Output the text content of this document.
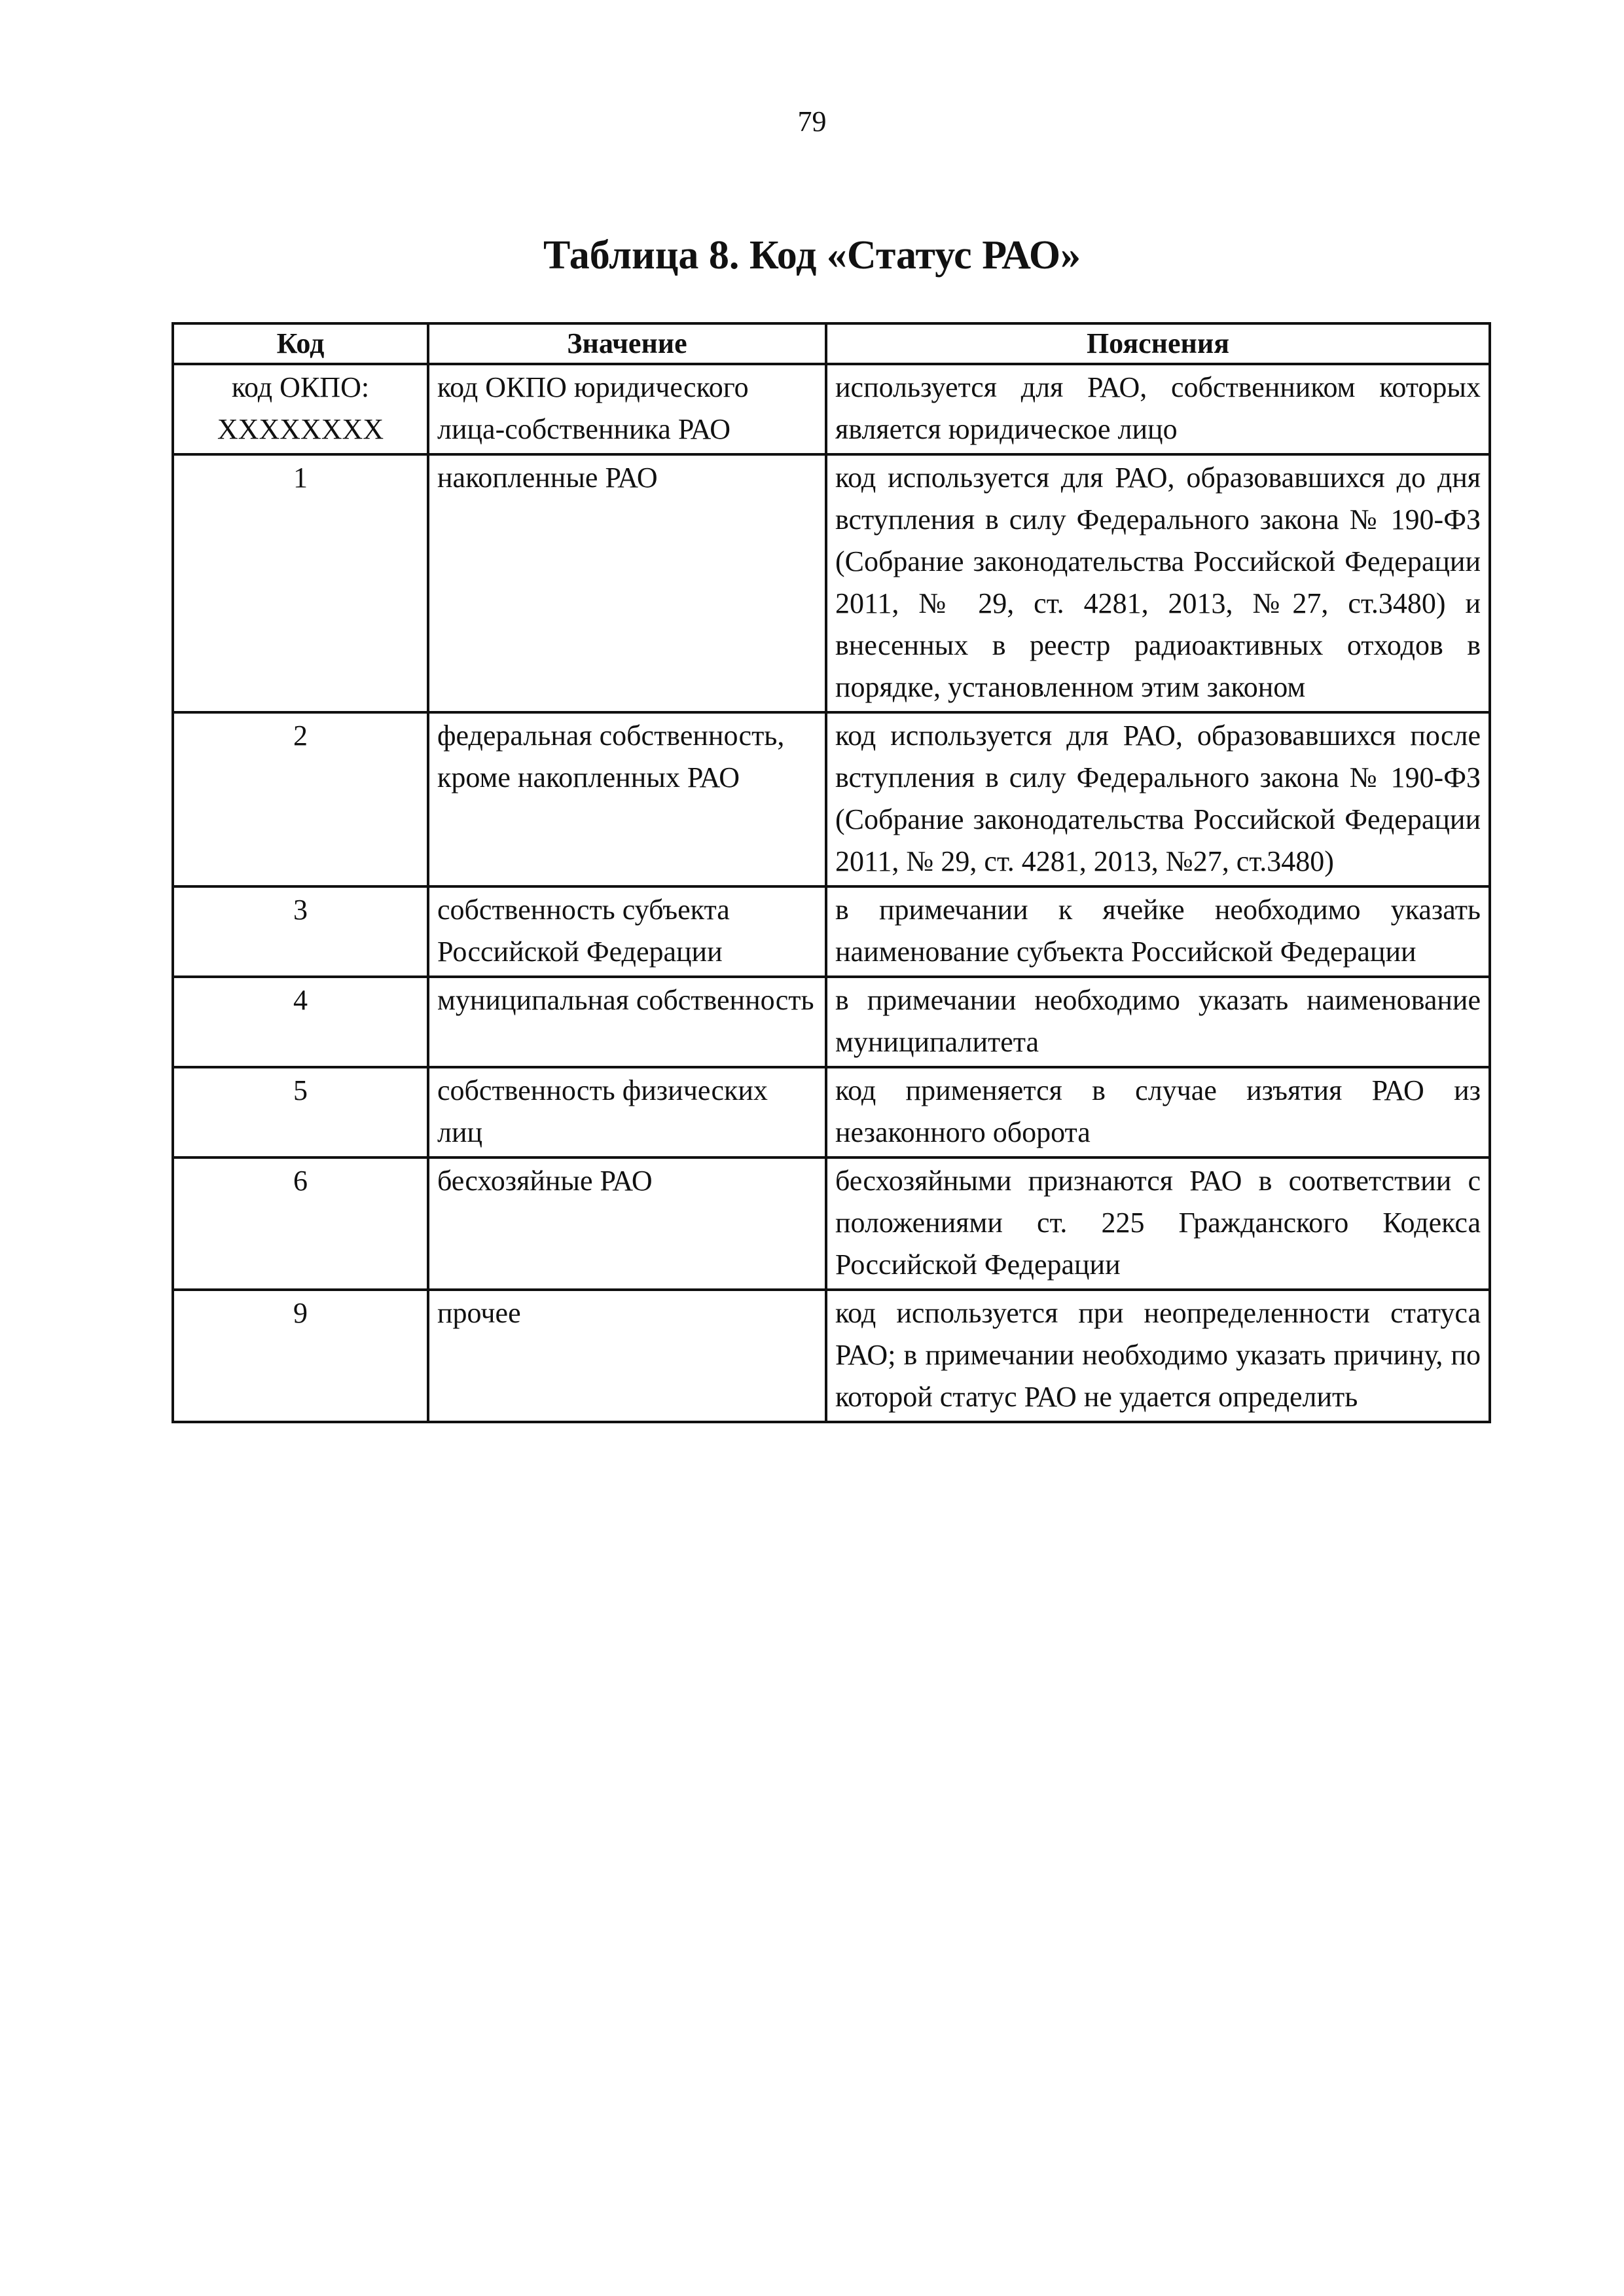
79
Таблица 8. Код «Статус РАО»
Код	Значение	Пояснения
код ОКПО: XXXXXXXX	код ОКПО юридического лица-собственника РАО	используется для РАО, собственником которых является юридическое лицо
1	накопленные РАО	код используется для РАО, образовавшихся до дня вступления в силу Федерального закона № 190-ФЗ (Собрание законодательства Российской Федерации 2011, № 29, ст. 4281, 2013, №27, ст.3480) и внесенных в реестр радиоактивных отходов в порядке, установленном этим законом
2	федеральная собственность, кроме накопленных РАО	код используется для РАО, образовавшихся после вступления в силу Федерального закона № 190-ФЗ (Собрание законодательства Российской Федерации 2011, № 29, ст. 4281, 2013, №27, ст.3480)
3	собственность субъекта Российской Федерации	в примечании к ячейке необходимо указать наименование субъекта Российской Федерации
4	муниципальная собственность	в примечании необходимо указать наименование муниципалитета
5	собственность физических лиц	код применяется в случае изъятия РАО из незаконного оборота
6	бесхозяйные РАО	бесхозяйными признаются РАО в соответствии с положениями ст. 225 Гражданского Кодекса Российской Федерации
9	прочее	код используется при неопределенности статуса РАО; в примечании необходимо указать причину, по которой статус РАО не удается определить
